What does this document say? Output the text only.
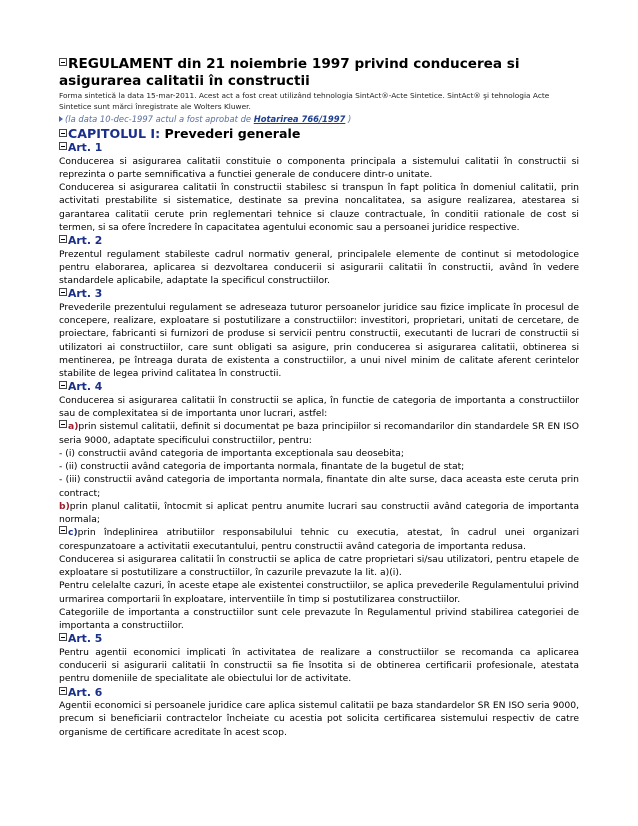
REGULAMENT din 21 noiembrie 1997 privind conducerea si asigurarea calitatii în constructii
Forma sintetică la data 15-mar-2011. Acest act a fost creat utilizând tehnologia SintAct®-Acte Sintetice. SintAct® şi tehnologia Acte Sintetice sunt mărci înregistrate ale Wolters Kluwer.
(la data 10-dec-1997 actul a fost aprobat de Hotarirea 766/1997 )
CAPITOLUL I: Prevederi generale
Art. 1

Conducerea si asigurarea calitatii constituie o componenta principala a sistemului calitatii în constructii si reprezinta o parte semnificativa a functiei generale de conducere dintr-o unitate.

Conducerea si asigurarea calitatii în constructii stabilesc si transpun în fapt politica în domeniul calitatii, prin activitati prestabilite si sistematice, destinate sa previna noncalitatea, sa asigure realizarea, atestarea si garantarea calitatii cerute prin reglementari tehnice si clauze contractuale, în conditii rationale de cost si termen, si sa ofere încredere în capacitatea agentului economic sau a persoanei juridice respective.

Art. 2

Prezentul regulament stabileste cadrul normativ general, principalele elemente de continut si metodologice pentru elaborarea, aplicarea si dezvoltarea conducerii si asigurarii calitatii în constructii, având în vedere standardele aplicabile, adaptate la specificul constructiilor.

Art. 3

Prevederile prezentului regulament se adreseaza tuturor persoanelor juridice sau fizice implicate în procesul de concepere, realizare, exploatare si postutilizare a constructiilor: investitori, proprietari, unitati de cercetare, de proiectare, fabricanti si furnizori de produse si servicii pentru constructii, executanti de lucrari de constructii si utilizatori ai constructiilor, care sunt obligati sa asigure, prin conducerea si asigurarea calitatii, obtinerea si mentinerea, pe întreaga durata de existenta a constructiilor, a unui nivel minim de calitate aferent cerintelor stabilite de legea privind calitatea în constructii.

Art. 4

Conducerea si asigurarea calitatii în constructii se aplica, în functie de categoria de importanta a constructiilor sau de complexitatea si de importanta unor lucrari, astfel:

a)prin sistemul calitatii, definit si documentat pe baza principiilor si recomandarilor din standardele SR EN ISO seria 9000, adaptate specificului constructiilor, pentru:

- (i) constructii având categoria de importanta exceptionala sau deosebita;

- (ii) constructii având categoria de importanta normala, finantate de la bugetul de stat;

- (iii) constructii având categoria de importanta normala, finantate din alte surse, daca aceasta este ceruta prin contract;

b)prin planul calitatii, întocmit si aplicat pentru anumite lucrari sau constructii având categoria de importanta normala;

c)prin îndeplinirea atributiilor responsabilului tehnic cu executia, atestat, în cadrul unei organizari corespunzatoare a activitatii executantului, pentru constructii având categoria de importanta redusa.

Conducerea si asigurarea calitatii în constructii se aplica de catre proprietari si/sau utilizatori, pentru etapele de exploatare si postutilizare a constructiilor, în cazurile prevazute la lit. a)(i).

Pentru celelalte cazuri, în aceste etape ale existentei constructiilor, se aplica prevederile Regulamentului privind urmarirea comportarii în exploatare, interventiile în timp si postutilizarea constructiilor.

Categoriile de importanta a constructiilor sunt cele prevazute în Regulamentul privind stabilirea categoriei de importanta a constructiilor.

Art. 5

Pentru agentii economici implicati în activitatea de realizare a constructiilor se recomanda ca aplicarea conducerii si asigurarii calitatii în constructii sa fie însotita si de obtinerea certificarii profesionale, atestata pentru domeniile de specialitate ale obiectului lor de activitate.

Art. 6

Agentii economici si persoanele juridice care aplica sistemul calitatii pe baza standardelor SR EN ISO seria 9000, precum si beneficiarii contractelor încheiate cu acestia pot solicita certificarea sistemului respectiv de catre organisme de certificare acreditate în acest scop.
